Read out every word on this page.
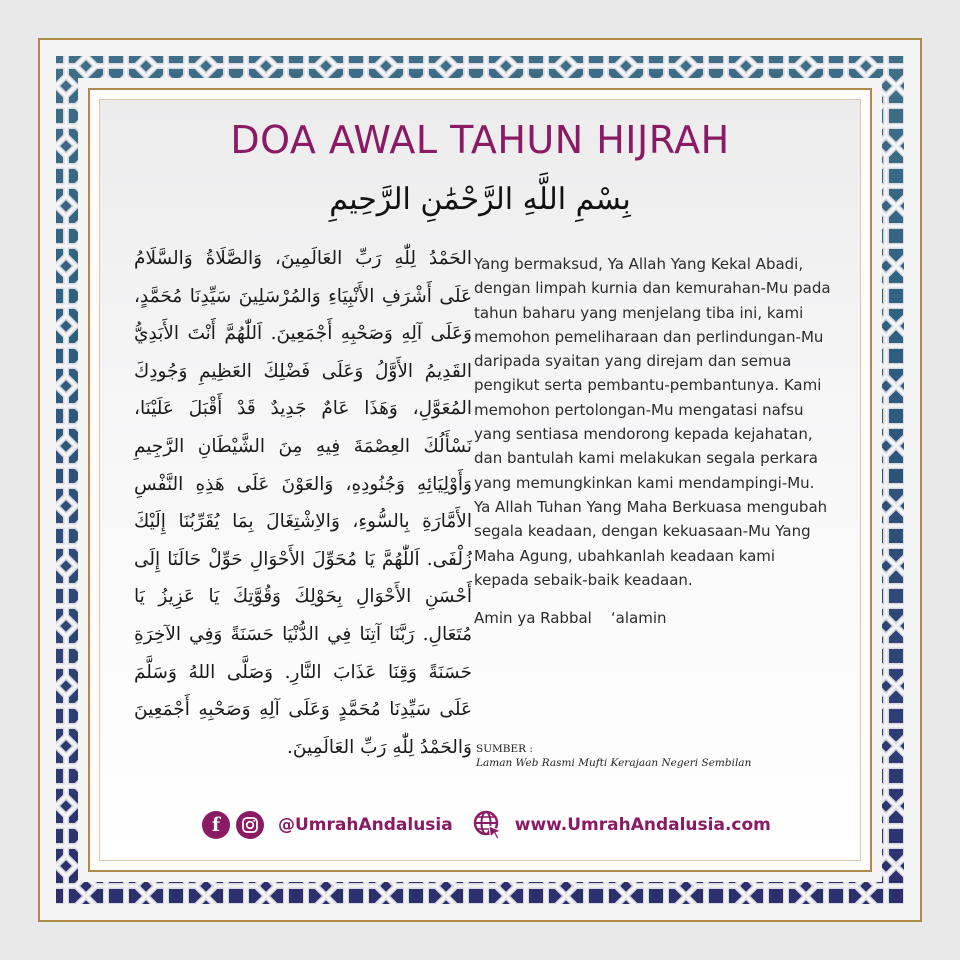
DOA AWAL TAHUN HIJRAH
بِسْمِ اللَّهِ الرَّحْمَٰنِ الرَّحِيمِ
الحَمْدُ لِلّٰهِ رَبِّ العَالَمِينَ، وَالصَّلَاةُ وَالسَّلَامُ عَلَى أَشْرَفِ الأَنْبِيَاءِ وَالمُرْسَلِينَ سَيِّدِنَا مُحَمَّدٍ، وَعَلَى آلِهِ وَصَحْبِهِ أَجْمَعِينَ. اَللّٰهُمَّ أَنْتَ الأَبَدِيُّ القَدِيمُ الأَوَّلُ وَعَلَى فَضْلِكَ العَظِيمِ وَجُودِكَ المُعَوَّلِ، وَهَذَا عَامٌ جَدِيدٌ قَدْ أَقْبَلَ عَلَيْنَا، نَسْأَلُكَ العِصْمَةَ فِيهِ مِنَ الشَّيْطَانِ الرَّجِيمِ وَأَوْلِيَائِهِ وَجُنُودِهِ، وَالعَوْنَ عَلَى هَذِهِ النَّفْسِ الأَمَّارَةِ بِالسُّوءِ، وَالاِشْتِغَالَ بِمَا يُقَرِّبُنَا إِلَيْكَ زُلْفَى. اَللّٰهُمَّ يَا مُحَوِّلَ الأَحْوَالِ حَوِّلْ حَالَنَا إِلَى أَحْسَنِ الأَحْوَالِ بِحَوْلِكَ وَقُوَّتِكَ يَا عَزِيزُ يَا مُتَعَالِ. رَبَّنَا آتِنَا فِي الدُّنْيَا حَسَنَةً وَفِي الآخِرَةِ حَسَنَةً وَقِنَا عَذَابَ النَّارِ. وَصَلَّى اللهُ وَسَلَّمَ عَلَى سَيِّدِنَا مُحَمَّدٍ وَعَلَى آلِهِ وَصَحْبِهِ أَجْمَعِينَ وَالحَمْدُ لِلّٰهِ رَبِّ العَالَمِينَ.
Yang bermaksud, Ya Allah Yang Kekal Abadi, dengan limpah kurnia dan kemurahan-Mu pada tahun baharu yang menjelang tiba ini, kami memohon pemeliharaan dan perlindungan-Mu daripada syaitan yang direjam dan semua pengikut serta pembantu-pembantunya. Kami memohon pertolongan-Mu mengatasi nafsu yang sentiasa mendorong kepada kejahatan, dan bantulah kami melakukan segala perkara yang memungkinkan kami mendampingi-Mu. Ya Allah Tuhan Yang Maha Berkuasa mengubah segala keadaan, dengan kekuasaan-Mu Yang Maha Agung, ubahkanlah keadaan kami kepada sebaik-baik keadaan.
Amin ya Rabbal    ‘alamin
SUMBER :
Laman Web Rasmi Mufti Kerajaan Negeri Sembilan
f	@UmrahAndalusia	www.UmrahAndalusia.com
